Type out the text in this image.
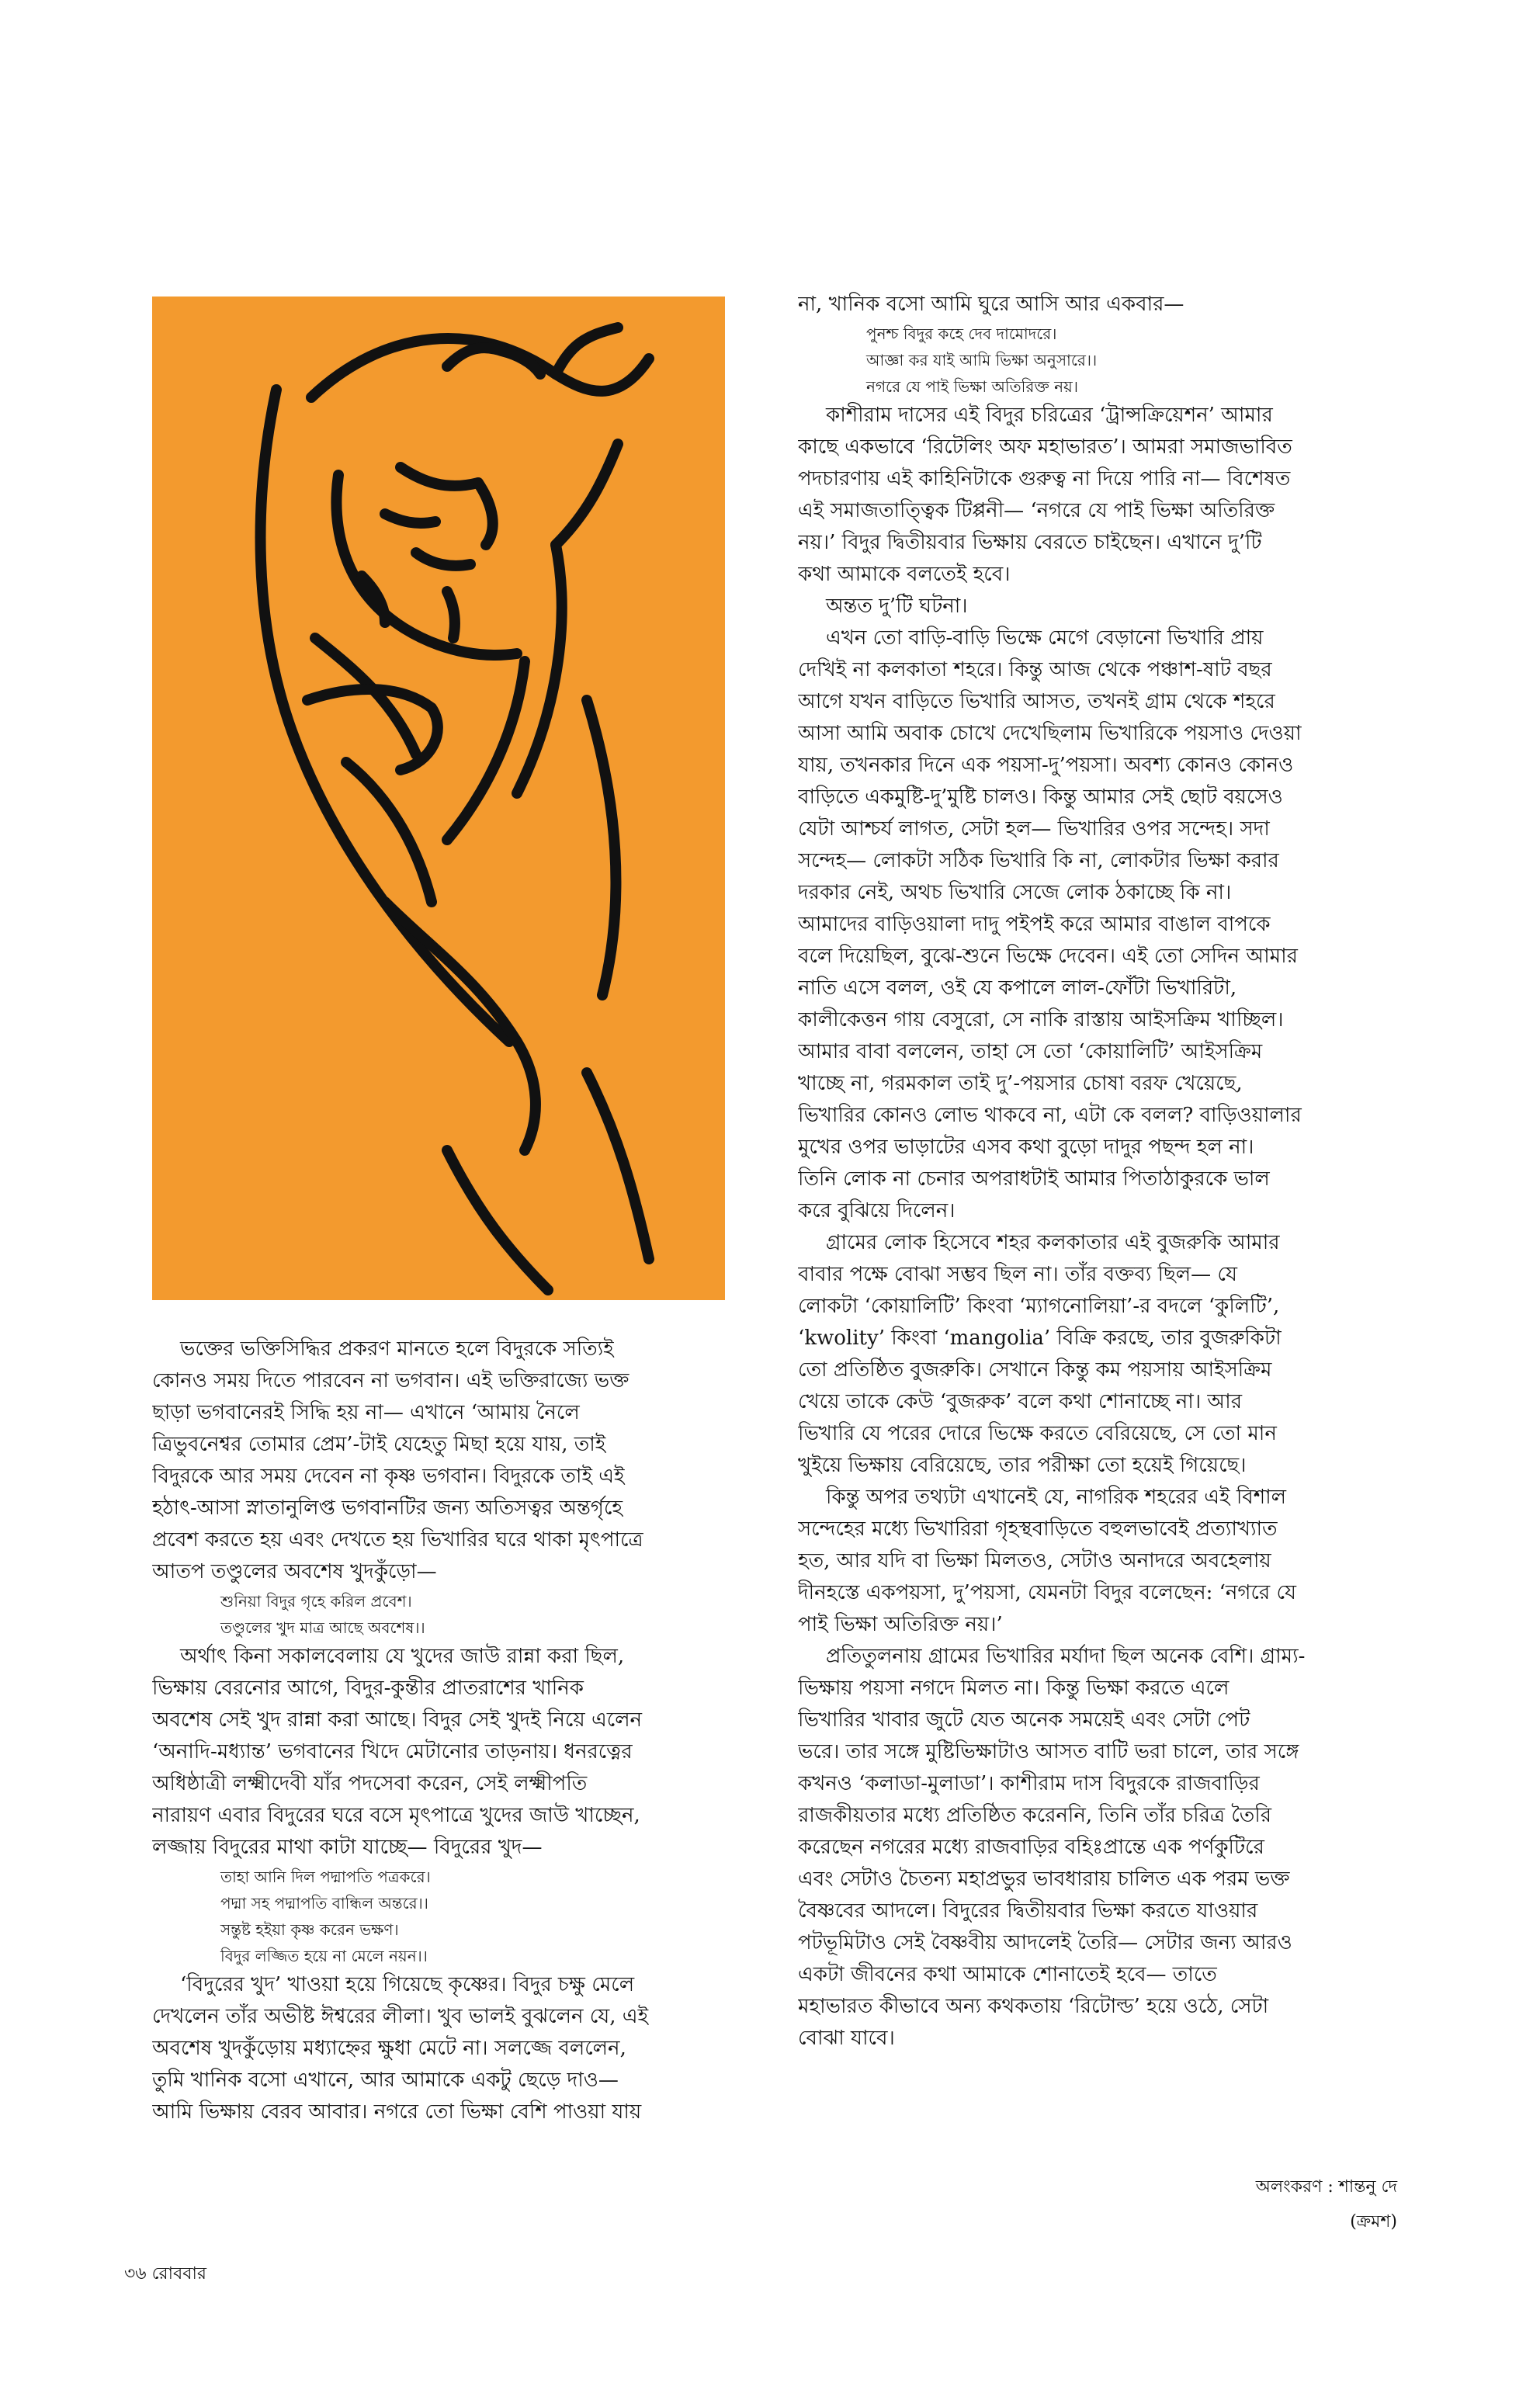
ভক্তের ভক্তিসিদ্ধির প্রকরণ মানতে হলে বিদুরকে সত্যিই
কোনও সময় দিতে পারবেন না ভগবান। এই ভক্তিরাজ্যে ভক্ত
ছাড়া ভগবানেরই সিদ্ধি হয় না— এখানে ‘আমায় নৈলে
ত্রিভুবনেশ্বর তোমার প্রেম’-টাই যেহেতু মিছা হয়ে যায়, তাই
বিদুরকে আর সময় দেবেন না কৃষ্ণ ভগবান। বিদুরকে তাই এই
হঠাৎ-আসা স্নাতানুলিপ্ত ভগবানটির জন্য অতিসত্বর অন্তর্গৃহে
প্রবেশ করতে হয় এবং দেখতে হয় ভিখারির ঘরে থাকা মৃৎপাত্রে
আতপ তণ্ডুলের অবশেষ খুদকুঁড়ো—
শুনিয়া বিদুর গৃহে করিল প্রবেশ।
তণ্ডুলের খুদ মাত্র আছে অবশেষ।।
অর্থাৎ কিনা সকালবেলায় যে খুদের জাউ রান্না করা ছিল,
ভিক্ষায় বেরনোর আগে, বিদুর-কুন্তীর প্রাতরাশের খানিক
অবশেষ সেই খুদ রান্না করা আছে। বিদুর সেই খুদই নিয়ে এলেন
‘অনাদি-মধ্যান্ত’ ভগবানের খিদে মেটানোর তাড়নায়। ধনরত্নের
অধিষ্ঠাত্রী লক্ষ্মীদেবী যাঁর পদসেবা করেন, সেই লক্ষ্মীপতি
নারায়ণ এবার বিদুরের ঘরে বসে মৃৎপাত্রে খুদের জাউ খাচ্ছেন,
লজ্জায় বিদুরের মাথা কাটা যাচ্ছে— বিদুরের খুদ—
তাহা আনি দিল পদ্মাপতি পত্রকরে।
পদ্মা সহ পদ্মাপতি বান্ধিল অন্তরে।।
সন্তুষ্ট হইয়া কৃষ্ণ করেন ভক্ষণ।
বিদুর লজ্জিত হয়ে না মেলে নয়ন।।
‘বিদুরের খুদ’ খাওয়া হয়ে গিয়েছে কৃষ্ণের। বিদুর চক্ষু মেলে
দেখলেন তাঁর অভীষ্ট ঈশ্বরের লীলা। খুব ভালই বুঝলেন যে, এই
অবশেষ খুদকুঁড়োয় মধ্যাহ্নের ক্ষুধা মেটে না। সলজ্জে বললেন,
তুমি খানিক বসো এখানে, আর আমাকে একটু ছেড়ে দাও—
আমি ভিক্ষায় বেরব আবার। নগরে তো ভিক্ষা বেশি পাওয়া যায়
না, খানিক বসো আমি ঘুরে আসি আর একবার—
পুনশ্চ বিদুর কহে দেব দামোদরে।
আজ্ঞা কর যাই আমি ভিক্ষা অনুসারে।।
নগরে যে পাই ভিক্ষা অতিরিক্ত নয়।
কাশীরাম দাসের এই বিদুর চরিত্রের ‘ট্রান্সক্রিয়েশন’ আমার
কাছে একভাবে ‘রিটেলিং অফ মহাভারত’। আমরা সমাজভাবিত
পদচারণায় এই কাহিনিটাকে গুরুত্ব না দিয়ে পারি না— বিশেষত
এই সমাজতাত্ত্বিক টিপ্পনী— ‘নগরে যে পাই ভিক্ষা অতিরিক্ত
নয়।’ বিদুর দ্বিতীয়বার ভিক্ষায় বেরতে চাইছেন। এখানে দু’টি
কথা আমাকে বলতেই হবে।
অন্তত দু’টি ঘটনা।
এখন তো বাড়ি-বাড়ি ভিক্ষে মেগে বেড়ানো ভিখারি প্রায়
দেখিই না কলকাতা শহরে। কিন্তু আজ থেকে পঞ্চাশ-ষাট বছর
আগে যখন বাড়িতে ভিখারি আসত, তখনই গ্রাম থেকে শহরে
আসা আমি অবাক চোখে দেখেছিলাম ভিখারিকে পয়সাও দেওয়া
যায়, তখনকার দিনে এক পয়সা-দু’পয়সা। অবশ্য কোনও কোনও
বাড়িতে একমুষ্টি-দু’মুষ্টি চালও। কিন্তু আমার সেই ছোট বয়সেও
যেটা আশ্চর্য লাগত, সেটা হল— ভিখারির ওপর সন্দেহ। সদা
সন্দেহ— লোকটা সঠিক ভিখারি কি না, লোকটার ভিক্ষা করার
দরকার নেই, অথচ ভিখারি সেজে লোক ঠকাচ্ছে কি না।
আমাদের বাড়িওয়ালা দাদু পইপই করে আমার বাঙাল বাপকে
বলে দিয়েছিল, বুঝে-শুনে ভিক্ষে দেবেন। এই তো সেদিন আমার
নাতি এসে বলল, ওই যে কপালে লাল-ফোঁটা ভিখারিটা,
কালীকেত্তন গায় বেসুরো, সে নাকি রাস্তায় আইসক্রিম খাচ্ছিল।
আমার বাবা বললেন, তাহা সে তো ‘কোয়ালিটি’ আইসক্রিম
খাচ্ছে না, গরমকাল তাই দু’-পয়সার চোষা বরফ খেয়েছে,
ভিখারির কোনও লোভ থাকবে না, এটা কে বলল? বাড়িওয়ালার
মুখের ওপর ভাড়াটের এসব কথা বুড়ো দাদুর পছন্দ হল না।
তিনি লোক না চেনার অপরাধটাই আমার পিতাঠাকুরকে ভাল
করে বুঝিয়ে দিলেন।
গ্রামের লোক হিসেবে শহর কলকাতার এই বুজরুকি আমার
বাবার পক্ষে বোঝা সম্ভব ছিল না। তাঁর বক্তব্য ছিল— যে
লোকটা ‘কোয়ালিটি’ কিংবা ‘ম্যাগনোলিয়া’-র বদলে ‘কুলিটি’,
‘kwolity’ কিংবা ‘mangolia’ বিক্রি করছে, তার বুজরুকিটা
তো প্রতিষ্ঠিত বুজরুকি। সেখানে কিন্তু কম পয়সায় আইসক্রিম
খেয়ে তাকে কেউ ‘বুজরুক’ বলে কথা শোনাচ্ছে না। আর
ভিখারি যে পরের দোরে ভিক্ষে করতে বেরিয়েছে, সে তো মান
খুইয়ে ভিক্ষায় বেরিয়েছে, তার পরীক্ষা তো হয়েই গিয়েছে।
কিন্তু অপর তথ্যটা এখানেই যে, নাগরিক শহরের এই বিশাল
সন্দেহের মধ্যে ভিখারিরা গৃহস্থবাড়িতে বহুলভাবেই প্রত্যাখ্যাত
হত, আর যদি বা ভিক্ষা মিলতও, সেটাও অনাদরে অবহেলায়
দীনহস্তে একপয়সা, দু’পয়সা, যেমনটা বিদুর বলেছেন: ‘নগরে যে
পাই ভিক্ষা অতিরিক্ত নয়।’
প্রতিতুলনায় গ্রামের ভিখারির মর্যাদা ছিল অনেক বেশি। গ্রাম্য-
ভিক্ষায় পয়সা নগদে মিলত না। কিন্তু ভিক্ষা করতে এলে
ভিখারির খাবার জুটে যেত অনেক সময়েই এবং সেটা পেট
ভরে। তার সঙ্গে মুষ্টিভিক্ষাটাও আসত বাটি ভরা চালে, তার সঙ্গে
কখনও ‘কলাডা-মুলাডা’। কাশীরাম দাস বিদুরকে রাজবাড়ির
রাজকীয়তার মধ্যে প্রতিষ্ঠিত করেননি, তিনি তাঁর চরিত্র তৈরি
করেছেন নগরের মধ্যে রাজবাড়ির বহিঃপ্রান্তে এক পর্ণকুটিরে
এবং সেটাও চৈতন্য মহাপ্রভুর ভাবধারায় চালিত এক পরম ভক্ত
বৈষ্ণবের আদলে। বিদুরের দ্বিতীয়বার ভিক্ষা করতে যাওয়ার
পটভূমিটাও সেই বৈষ্ণবীয় আদলেই তৈরি— সেটার জন্য আরও
একটা জীবনের কথা আমাকে শোনাতেই হবে— তাতে
মহাভারত কীভাবে অন্য কথকতায় ‘রিটোল্ড’ হয়ে ওঠে, সেটা
বোঝা যাবে।
অলংকরণ : শান্তনু দে
(ক্রমশ)
৩৬ রোববার
